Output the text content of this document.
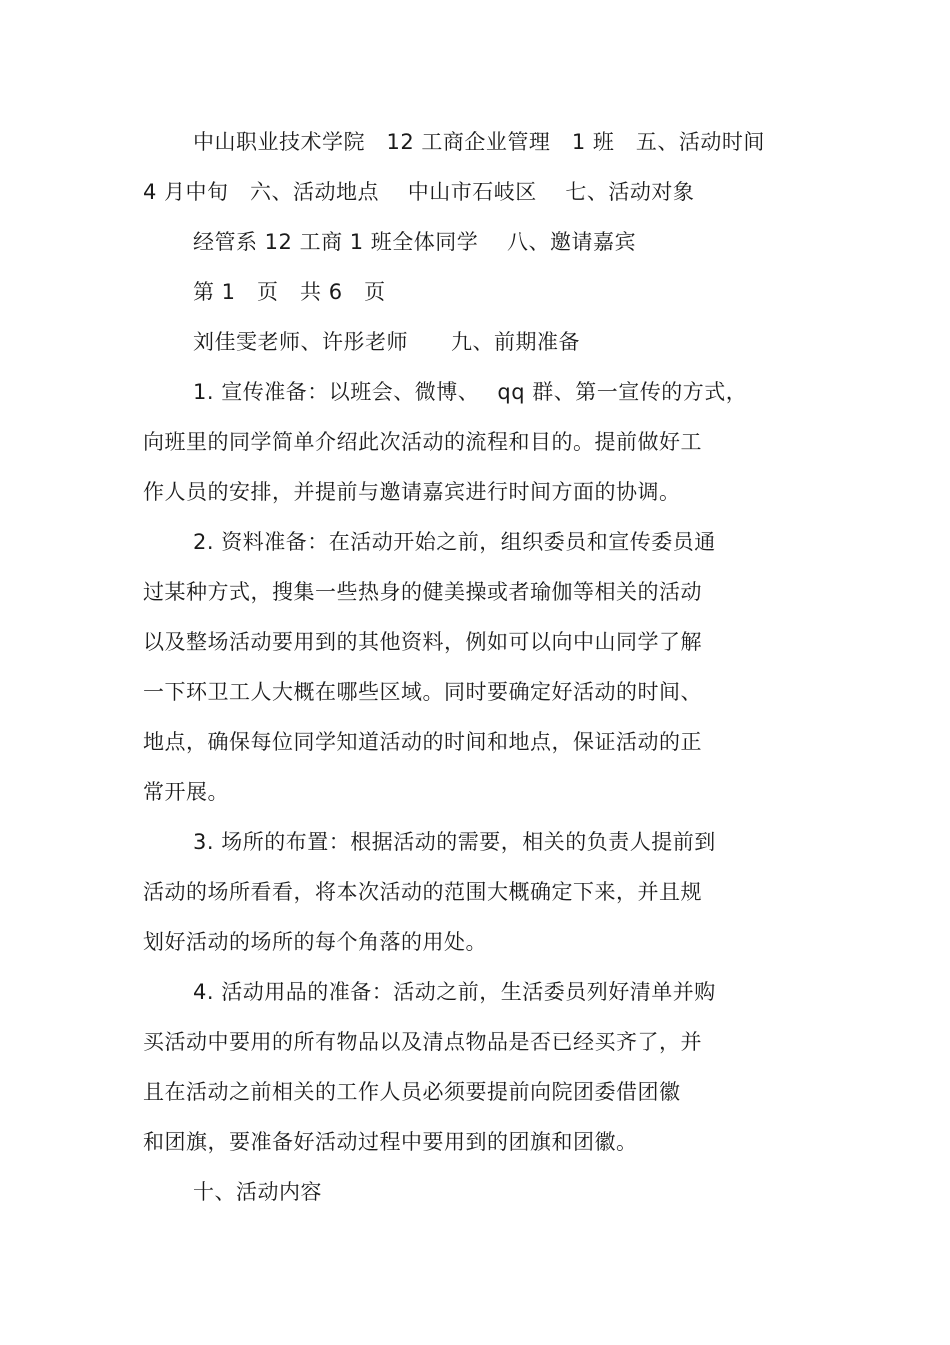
中山职业技术学院　12 工商企业管理　1 班　五、活动时间
4 月中旬　六、活动地点　 中山市石岐区 　七、活动对象
经管系 12 工商 1 班全体同学　 八、邀请嘉宾
第 1　页　共 6　页
刘佳雯老师、许彤老师　　九、前期准备
1. 宣传准备：以班会、微博、　 qq 群、第一宣传的方式，
向班里的同学简单介绍此次活动的流程和目的。提前做好工
作人员的安排，并提前与邀请嘉宾进行时间方面的协调。
2. 资料准备：在活动开始之前，组织委员和宣传委员通
过某种方式，搜集一些热身的健美操或者瑜伽等相关的活动
以及整场活动要用到的其他资料，例如可以向中山同学了解
一下环卫工人大概在哪些区域。同时要确定好活动的时间、
地点，确保每位同学知道活动的时间和地点，保证活动的正
常开展。
3. 场所的布置：根据活动的需要，相关的负责人提前到
活动的场所看看，将本次活动的范围大概确定下来，并且规
划好活动的场所的每个角落的用处。
4. 活动用品的准备：活动之前，生活委员列好清单并购
买活动中要用的所有物品以及清点物品是否已经买齐了，并
且在活动之前相关的工作人员必须要提前向院团委借团徽
和团旗，要准备好活动过程中要用到的团旗和团徽。
十、活动内容
